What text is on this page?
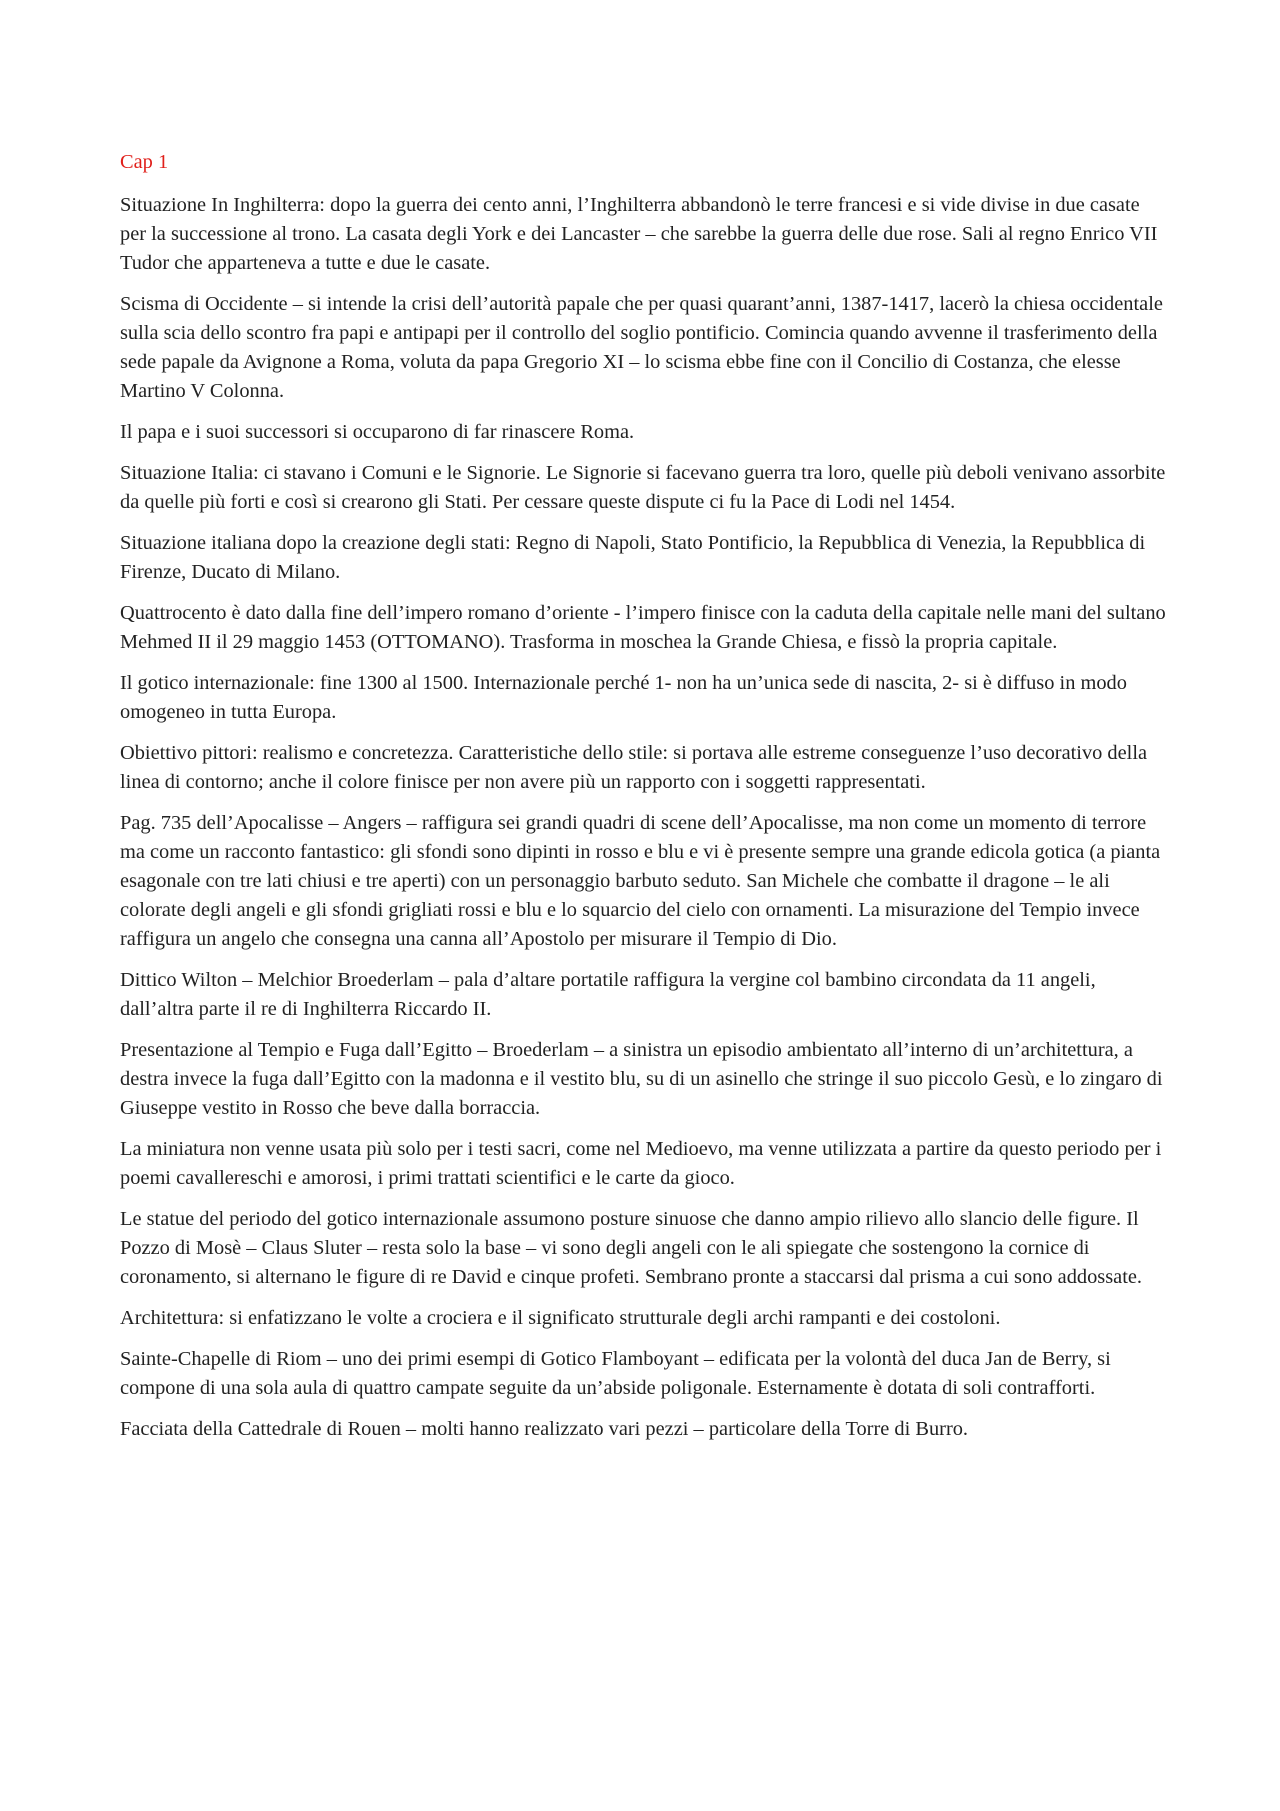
Cap 1

Situazione In Inghilterra: dopo la guerra dei cento anni, l’Inghilterra abbandonò le terre francesi e si vide divise in due casate per la successione al trono. La casata degli York e dei Lancaster – che sarebbe la guerra delle due rose. Sali al regno Enrico VII Tudor che apparteneva a tutte e due le casate.

Scisma di Occidente – si intende la crisi dell’autorità papale che per quasi quarant’anni, 1387-1417, lacerò la chiesa occidentale sulla scia dello scontro fra papi e antipapi per il controllo del soglio pontificio. Comincia quando avvenne il trasferimento della sede papale da Avignone a Roma, voluta da papa Gregorio XI – lo scisma ebbe fine con il Concilio di Costanza, che elesse Martino V Colonna.

Il papa e i suoi successori si occuparono di far rinascere Roma.

Situazione Italia: ci stavano i Comuni e le Signorie. Le Signorie si facevano guerra tra loro, quelle più deboli venivano assorbite da quelle più forti e così si crearono gli Stati. Per cessare queste dispute ci fu la Pace di Lodi nel 1454.

Situazione italiana dopo la creazione degli stati: Regno di Napoli, Stato Pontificio, la Repubblica di Venezia, la Repubblica di Firenze, Ducato di Milano.

Quattrocento è dato dalla fine dell’impero romano d’oriente - l’impero finisce con la caduta della capitale nelle mani del sultano Mehmed II il 29 maggio 1453 (OTTOMANO). Trasforma in moschea la Grande Chiesa, e fissò la propria capitale.

Il gotico internazionale: fine 1300 al 1500. Internazionale perché 1- non ha un’unica sede di nascita, 2- si è diffuso in modo omogeneo in tutta Europa.

Obiettivo pittori: realismo e concretezza. Caratteristiche dello stile: si portava alle estreme conseguenze l’uso decorativo della linea di contorno; anche il colore finisce per non avere più un rapporto con i soggetti rappresentati.

Pag. 735 dell’Apocalisse – Angers – raffigura sei grandi quadri di scene dell’Apocalisse, ma non come un momento di terrore ma come un racconto fantastico: gli sfondi sono dipinti in rosso e blu e vi è presente sempre una grande edicola gotica (a pianta esagonale con tre lati chiusi e tre aperti) con un personaggio barbuto seduto. San Michele che combatte il dragone – le ali colorate degli angeli e gli sfondi grigliati rossi e blu e lo squarcio del cielo con ornamenti. La misurazione del Tempio invece raffigura un angelo che consegna una canna all’Apostolo per misurare il Tempio di Dio.

Dittico Wilton – Melchior Broederlam – pala d’altare portatile raffigura la vergine col bambino circondata da 11 angeli, dall’altra parte il re di Inghilterra Riccardo II.

Presentazione al Tempio e Fuga dall’Egitto – Broederlam – a sinistra un episodio ambientato all’interno di un’architettura, a destra invece la fuga dall’Egitto con la madonna e il vestito blu, su di un asinello che stringe il suo piccolo Gesù, e lo zingaro di Giuseppe vestito in Rosso che beve dalla borraccia.

La miniatura non venne usata più solo per i testi sacri, come nel Medioevo, ma venne utilizzata a partire da questo periodo per i poemi cavallereschi e amorosi, i primi trattati scientifici e le carte da gioco.

Le statue del periodo del gotico internazionale assumono posture sinuose che danno ampio rilievo allo slancio delle figure. Il Pozzo di Mosè – Claus Sluter – resta solo la base – vi sono degli angeli con le ali spiegate che sostengono la cornice di coronamento, si alternano le figure di re David e cinque profeti. Sembrano pronte a staccarsi dal prisma a cui sono addossate.

Architettura: si enfatizzano le volte a crociera e il significato strutturale degli archi rampanti e dei costoloni.

Sainte-Chapelle di Riom – uno dei primi esempi di Gotico Flamboyant – edificata per la volontà del duca Jan de Berry, si compone di una sola aula di quattro campate seguite da un’abside poligonale. Esternamente è dotata di soli contrafforti.

Facciata della Cattedrale di Rouen – molti hanno realizzato vari pezzi – particolare della Torre di Burro.
